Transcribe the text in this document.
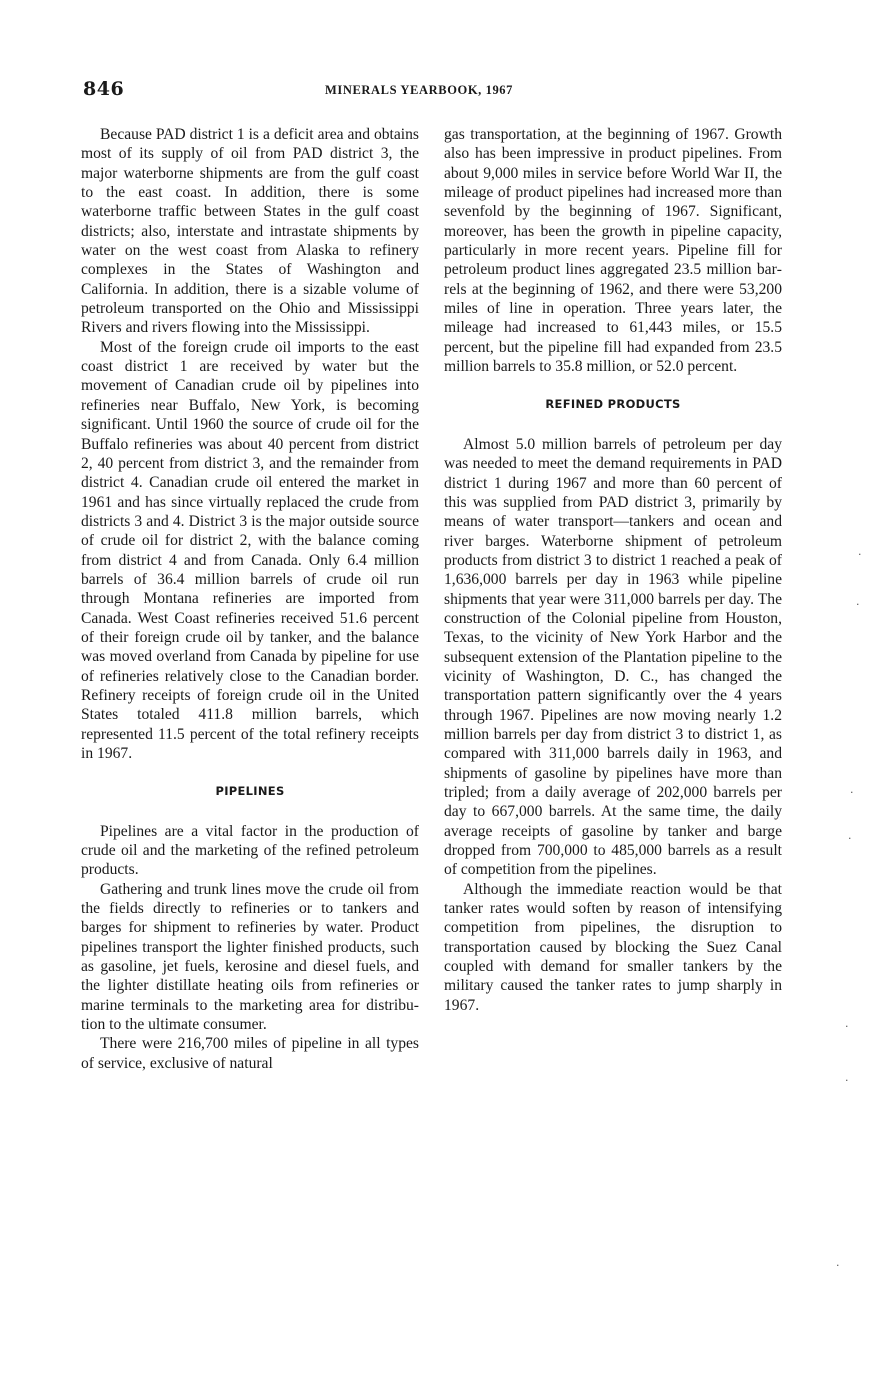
846	MINERALS YEARBOOK, 1967

Because PAD district 1 is a deficit area and obtains most of its supply of oil from PAD district 3, the major waterborne shipments are from the gulf coast to the east coast. In addition, there is some waterborne traffic between States in the gulf coast districts; also, interstate and intrastate shipments by water on the west coast from Alaska to refinery complexes in the States of Washington and California. In addition, there is a sizable volume of petroleum transported on the Ohio and Mississippi Rivers and rivers flowing into the Mississippi.

Most of the foreign crude oil imports to the east coast district 1 are received by water but the movement of Canadian crude oil by pipelines into refineries near Buffalo, New York, is becoming significant. Until 1960 the source of crude oil for the Buffalo refineries was about 40 percent from district 2, 40 percent from district 3, and the remainder from district 4. Canadian crude oil entered the market in 1961 and has since virtually replaced the crude from districts 3 and 4. District 3 is the major outside source of crude oil for district 2, with the balance coming from district 4 and from Canada. Only 6.4 million barrels of 36.4 million barrels of crude oil run through Montana refineries are imported from Canada. West Coast refineries received 51.6 percent of their foreign crude oil by tanker, and the balance was moved overland from Canada by pipeline for use of refineries relatively close to the Canadian border. Refinery receipts of foreign crude oil in the United States totaled 411.8 million barrels, which represented 11.5 percent of the total refinery receipts in 1967.

PIPELINES

Pipelines are a vital factor in the production of crude oil and the marketing of the refined petroleum products.

Gathering and trunk lines move the crude oil from the fields directly to refineries or to tankers and barges for shipment to refineries by water. Product pipelines transport the lighter finished products, such as gasoline, jet fuels, kerosine and diesel fuels, and the lighter distillate heating oils from refineries or marine terminals to the marketing area for distribution to the ultimate consumer.

There were 216,700 miles of pipeline in all types of service, exclusive of natural

gas transportation, at the beginning of 1967. Growth also has been impressive in product pipelines. From about 9,000 miles in service before World War II, the mileage of product pipelines had increased more than sevenfold by the beginning of 1967. Significant, moreover, has been the growth in pipeline capacity, particularly in more recent years. Pipeline fill for petroleum product lines aggregated 23.5 million barrels at the beginning of 1962, and there were 53,200 miles of line in operation. Three years later, the mileage had increased to 61,443 miles, or 15.5 percent, but the pipeline fill had expanded from 23.5 million barrels to 35.8 million, or 52.0 percent.

REFINED PRODUCTS

Almost 5.0 million barrels of petroleum per day was needed to meet the demand requirements in PAD district 1 during 1967 and more than 60 percent of this was supplied from PAD district 3, primarily by means of water transport—tankers and ocean and river barges. Waterborne shipment of petroleum products from district 3 to district 1 reached a peak of 1,636,000 barrels per day in 1963 while pipeline shipments that year were 311,000 barrels per day. The construction of the Colonial pipeline from Houston, Texas, to the vicinity of New York Harbor and the subsequent extension of the Plantation pipeline to the vicinity of Washington, D. C., has changed the transportation pattern significantly over the 4 years through 1967. Pipelines are now moving nearly 1.2 million barrels per day from district 3 to district 1, as compared with 311,000 barrels daily in 1963, and shipments of gasoline by pipelines have more than tripled; from a daily average of 202,000 barrels per day to 667,000 barrels. At the same time, the daily average receipts of gasoline by tanker and barge dropped from 700,000 to 485,000 barrels as a result of competition from the pipelines.

Although the immediate reaction would be that tanker rates would soften by reason of intensifying competition from pipelines, the disruption to transportation caused by blocking the Suez Canal coupled with demand for smaller tankers by the military caused the tanker rates to jump sharply in 1967.

·
·
·
·
·
·
·
